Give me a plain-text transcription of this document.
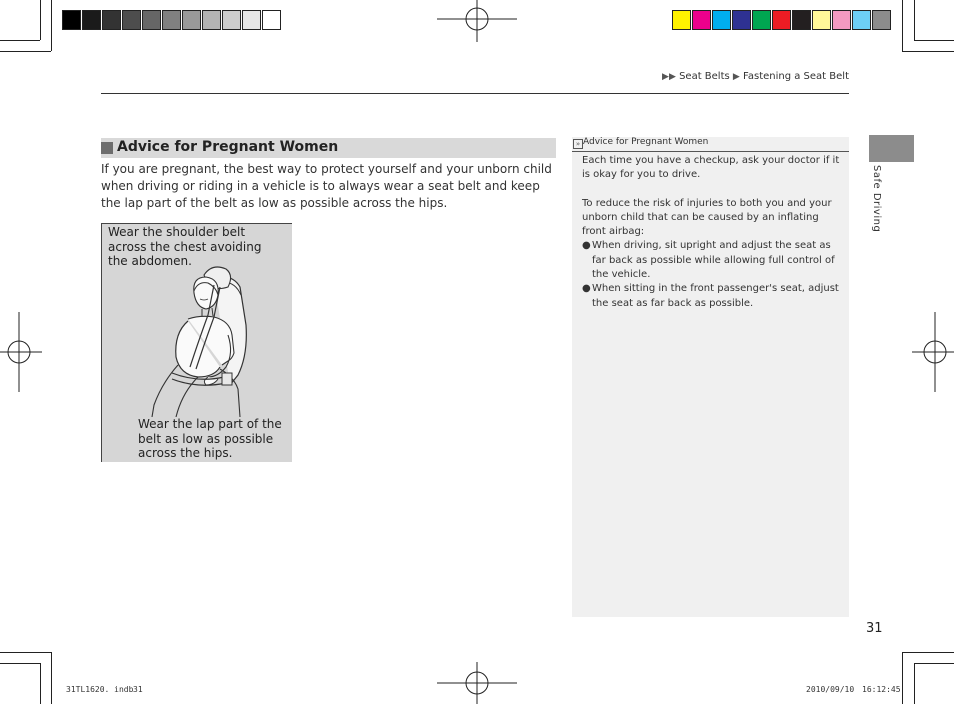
▶▶ Seat Belts ▶ Fastening a Seat Belt
Advice for Pregnant Women
If you are pregnant, the best way to protect yourself and your unborn child when driving or riding in a vehicle is to always wear a seat belt and keep the lap part of the belt as low as possible across the hips.
Wear the shoulder belt across the chest avoiding the abdomen.
Wear the lap part of the belt as low as possible across the hips.
» Advice for Pregnant Women

Each time you have a checkup, ask your doctor if it is okay for you to drive.

To reduce the risk of injuries to both you and your unborn child that can be caused by an inflating front airbag:

● When driving, sit upright and adjust the seat as far back as possible while allowing full control of the vehicle.
● When sitting in the front passenger's seat, adjust the seat as far back as possible.
Safe Driving
31
31TL1620. indb 31	2010/09/10 16:12:45
